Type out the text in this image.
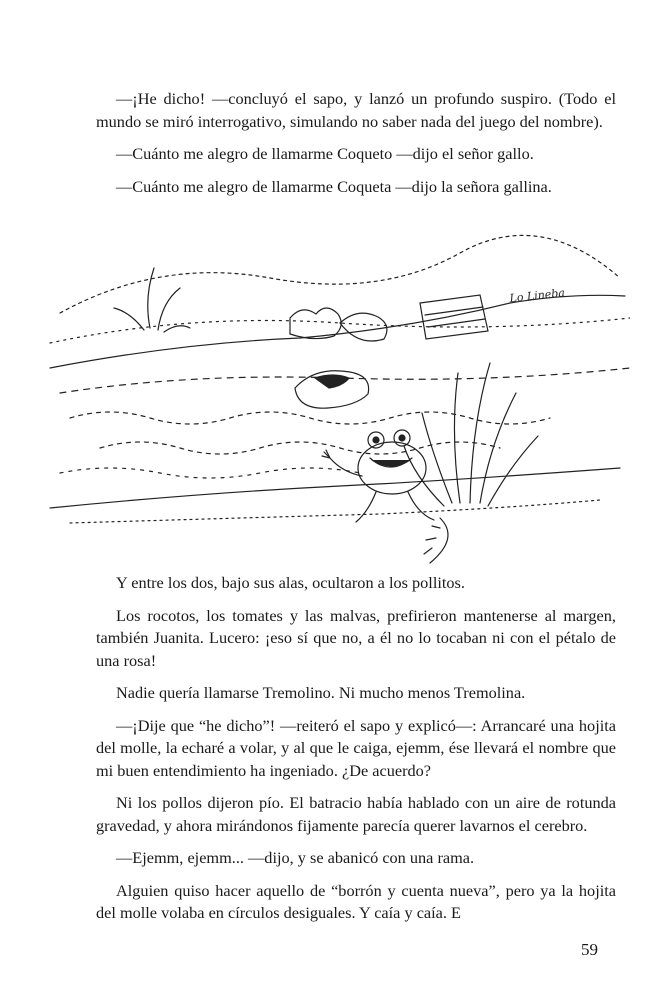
—¡He dicho! —concluyó el sapo, y lanzó un profundo suspiro. (Todo el mundo se miró interrogativo, simulando no saber nada del juego del nombre).

—Cuánto me alegro de llamarme Coqueto —dijo el señor gallo.

—Cuánto me alegro de llamarme Coqueta —dijo la señora gallina.

Lo Lineba

Y entre los dos, bajo sus alas, ocultaron a los pollitos.

Los rocotos, los tomates y las malvas, prefirieron mantenerse al margen, también Juanita. Lucero: ¡eso sí que no, a él no lo tocaban ni con el pétalo de una rosa!

Nadie quería llamarse Tremolino. Ni mucho menos Tremolina.

—¡Dije que “he dicho”! —reiteró el sapo y explicó—: Arrancaré una hojita del molle, la echaré a volar, y al que le caiga, ejemm, ése llevará el nombre que mi buen entendimiento ha ingeniado. ¿De acuerdo?

Ni los pollos dijeron pío. El batracio había hablado con un aire de rotunda gravedad, y ahora mirándonos fijamente parecía querer lavarnos el cerebro.

—Ejemm, ejemm... —dijo, y se abanicó con una rama.

Alguien quiso hacer aquello de “borrón y cuenta nueva”, pero ya la hojita del molle volaba en círculos desiguales. Y caía y caía. E

59
